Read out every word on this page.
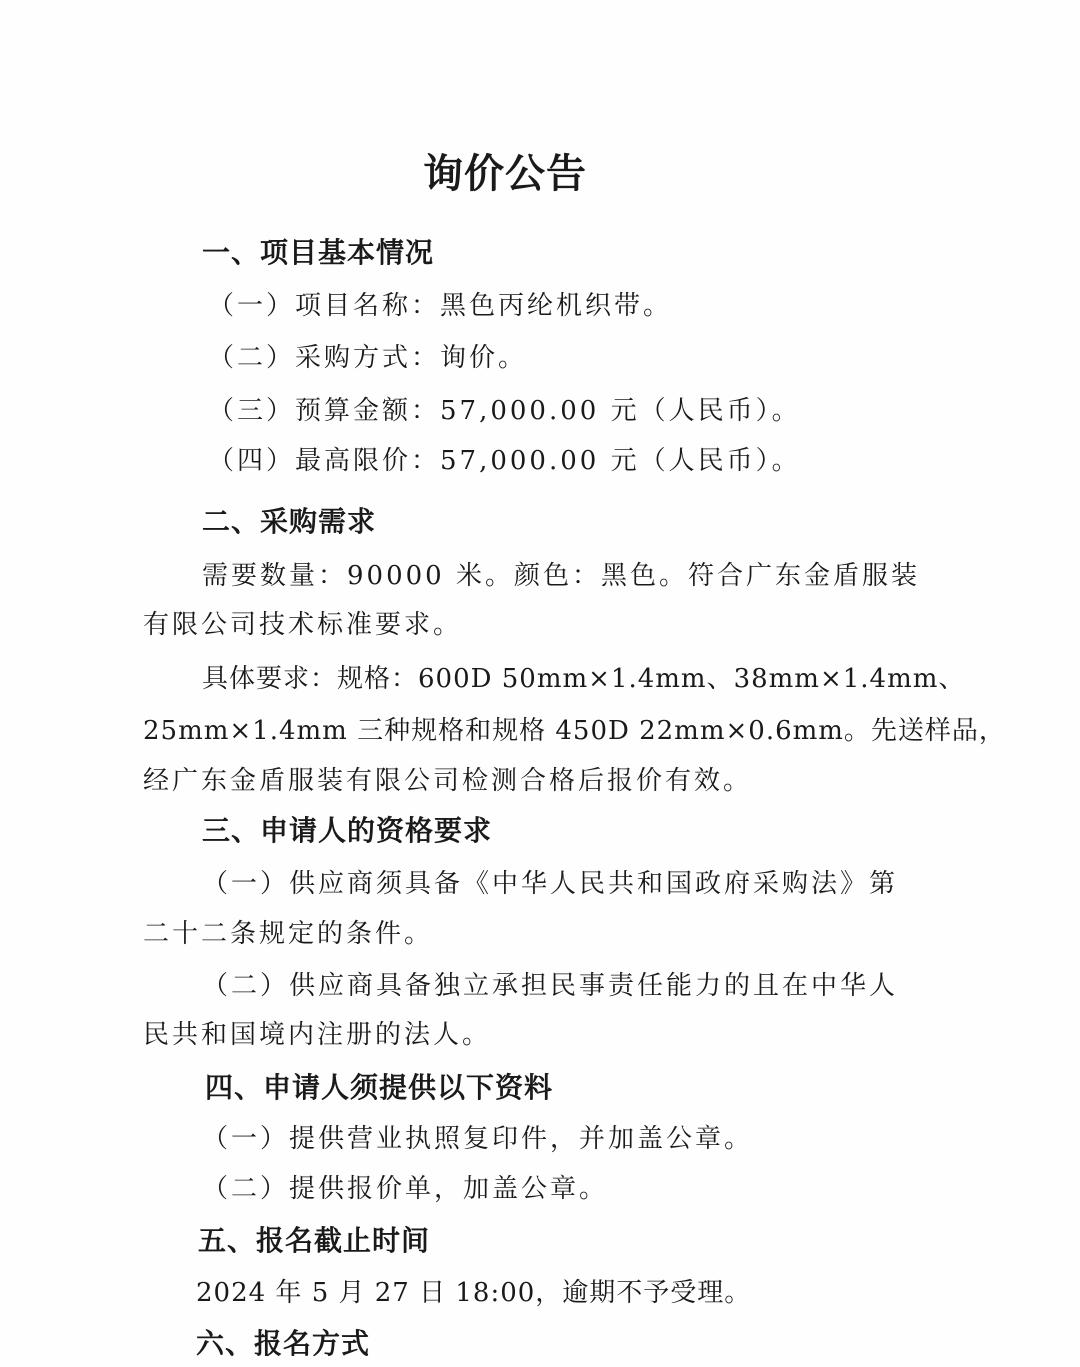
询价公告
一、项目基本情况

（一）项目名称：黑色丙纶机织带。

（二）采购方式：询价。

（三）预算金额：57,000.00 元（人民币）。

（四）最高限价：57,000.00 元（人民币）。

二、采购需求

需要数量：90000 米。颜色：黑色。符合广东金盾服装

有限公司技术标准要求。

具体要求：规格：600D 50mm×1.4mm、38mm×1.4mm、

25mm×1.4mm 三种规格和规格 450D 22mm×0.6mm。先送样品，

经广东金盾服装有限公司检测合格后报价有效。

三、申请人的资格要求

（一）供应商须具备《中华人民共和国政府采购法》第

二十二条规定的条件。

（二）供应商具备独立承担民事责任能力的且在中华人

民共和国境内注册的法人。

四、申请人须提供以下资料

（一）提供营业执照复印件，并加盖公章。

（二）提供报价单，加盖公章。

五、报名截止时间

2024 年 5 月 27 日 18:00，逾期不予受理。

六、报名方式
